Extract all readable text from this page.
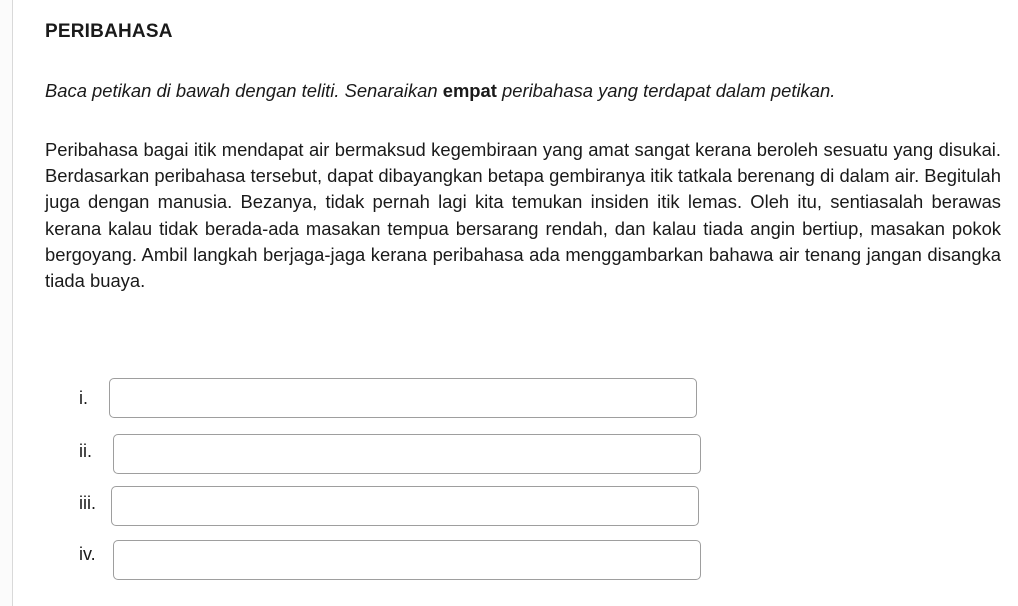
PERIBAHASA
Baca petikan di bawah dengan teliti. Senaraikan empat peribahasa yang terdapat dalam petikan.
Peribahasa bagai itik mendapat air bermaksud kegembiraan yang amat sangat kerana beroleh sesuatu yang disukai. Berdasarkan peribahasa tersebut, dapat dibayangkan betapa gembiranya itik tatkala berenang di dalam air. Begitulah juga dengan manusia. Bezanya, tidak pernah lagi kita temukan insiden itik lemas. Oleh itu, sentiasalah berawas kerana kalau tidak berada-ada masakan tempua bersarang rendah, dan kalau tiada angin bertiup, masakan pokok bergoyang. Ambil langkah berjaga-jaga kerana peribahasa ada menggambarkan bahawa air tenang jangan disangka tiada buaya.
i.
ii.
iii.
iv.
